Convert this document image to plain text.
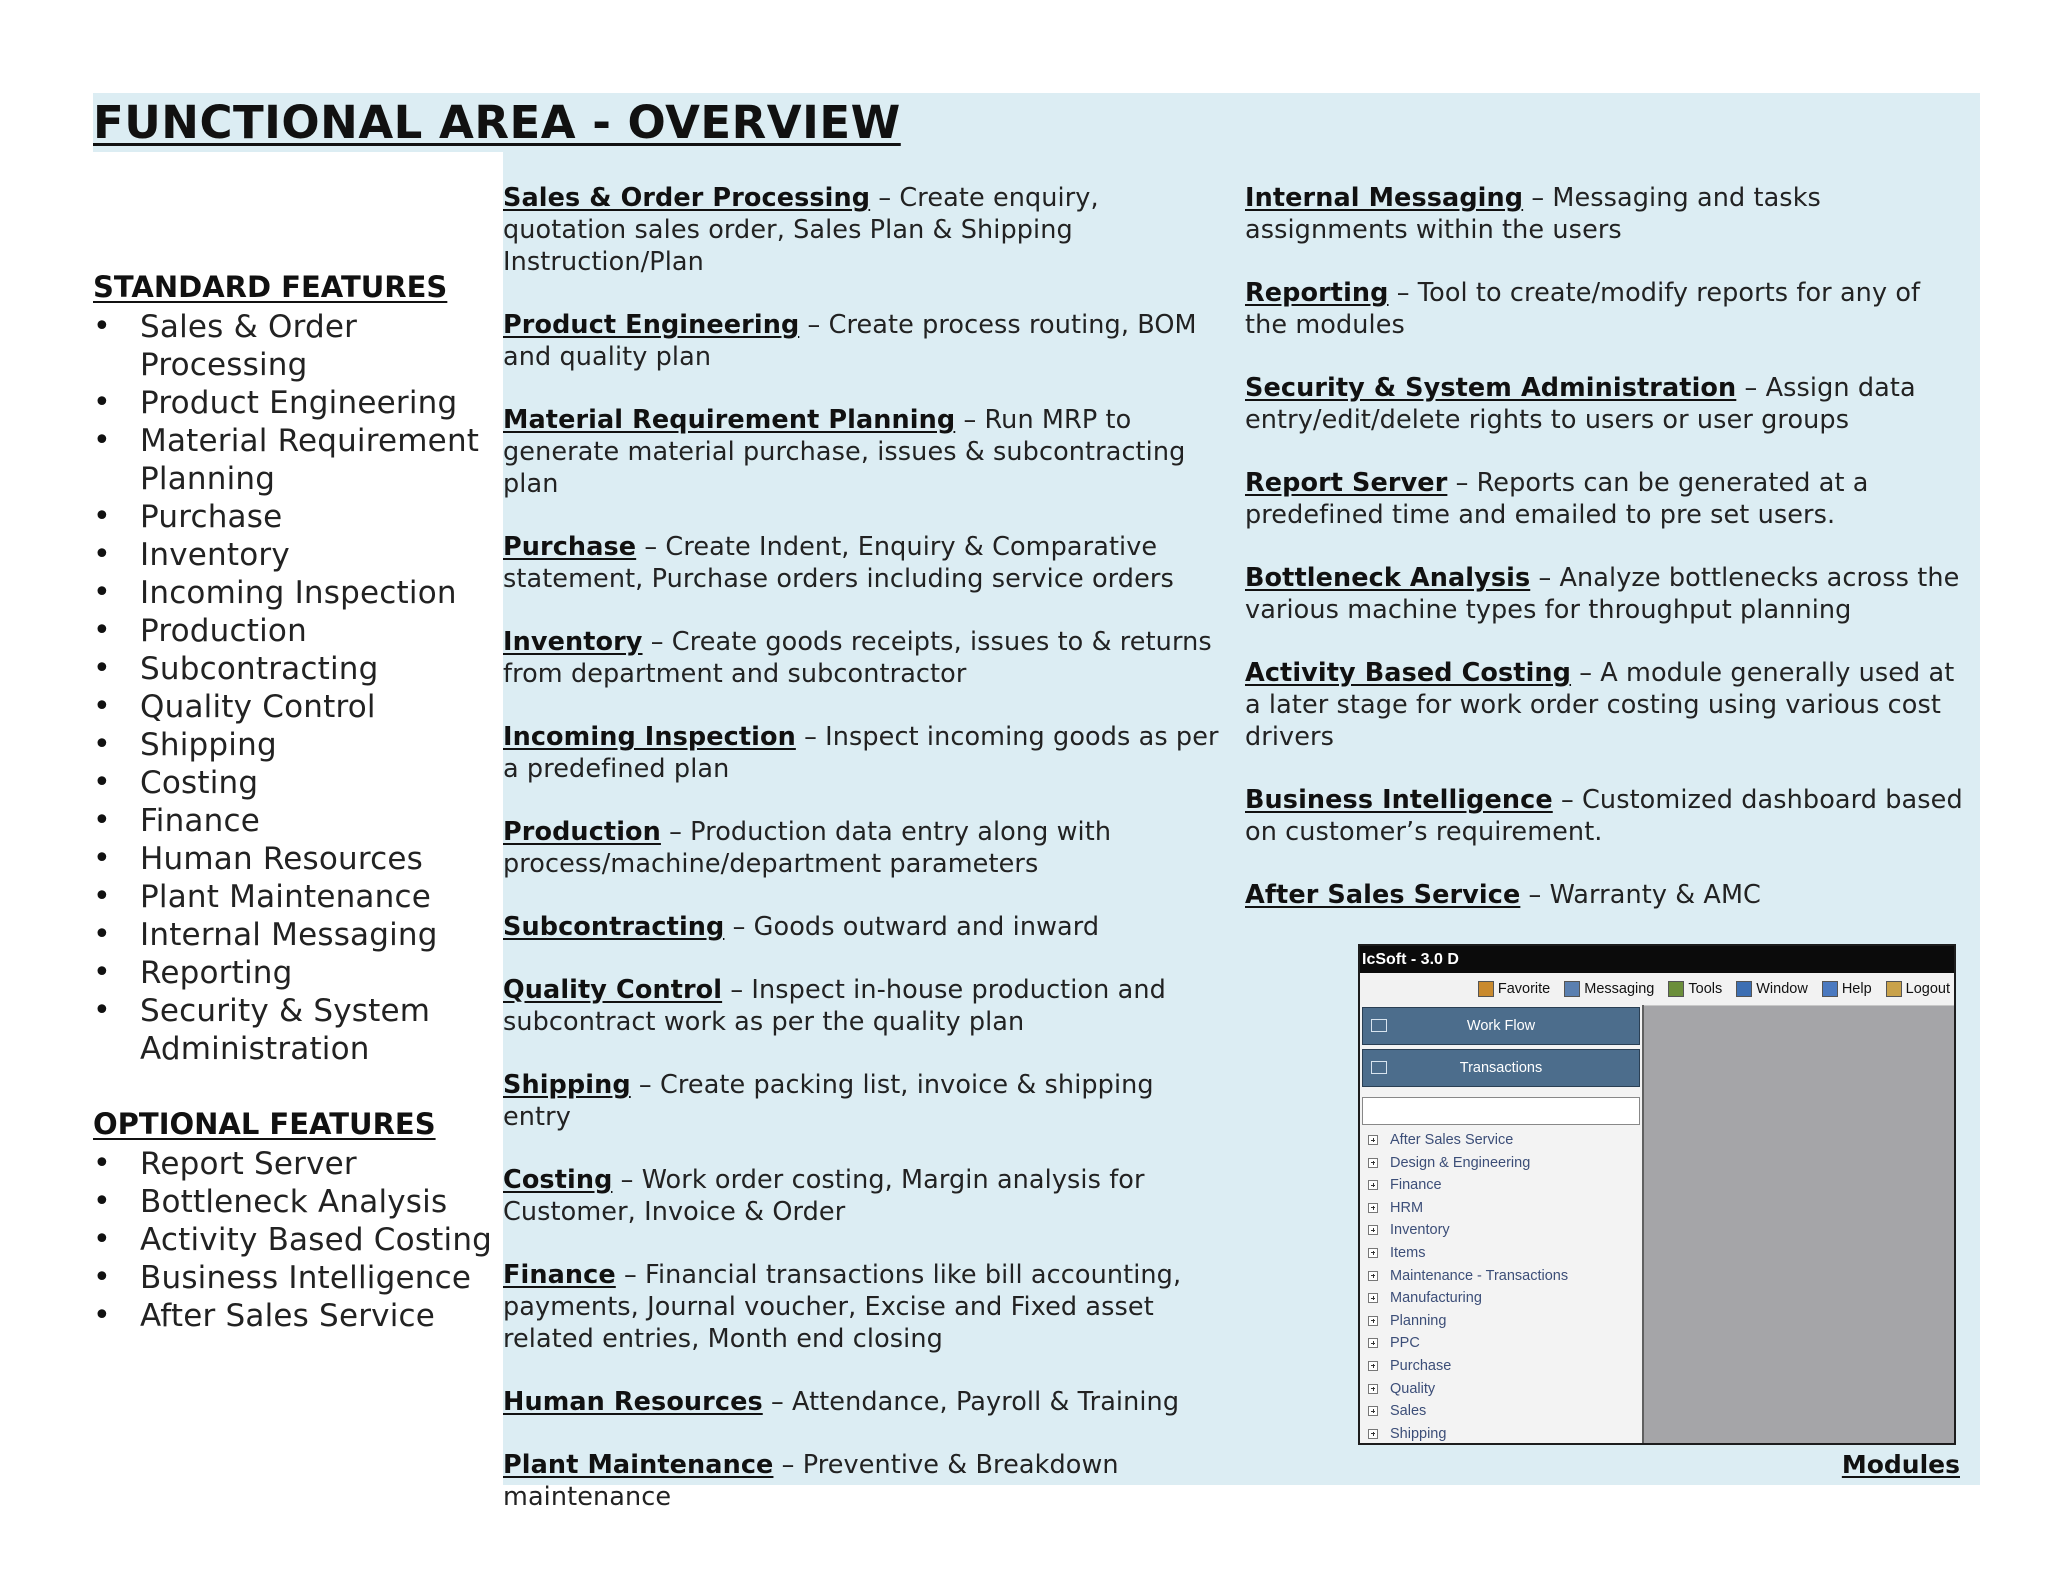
FUNCTIONAL AREA - OVERVIEW
STANDARD FEATURES
• Sales & Order Processing
• Product Engineering
• Material Requirement Planning
• Purchase
• Inventory
• Incoming Inspection
• Production
• Subcontracting
• Quality Control
• Shipping
• Costing
• Finance
• Human Resources
• Plant Maintenance
• Internal Messaging
• Reporting
• Security & System Administration
OPTIONAL FEATURES
• Report Server
• Bottleneck Analysis
• Activity Based Costing
• Business Intelligence
• After Sales Service

Sales & Order Processing – Create enquiry, quotation sales order, Sales Plan & Shipping Instruction/Plan

Product Engineering – Create process routing, BOM and quality plan

Material Requirement Planning – Run MRP to generate material purchase, issues & subcontracting plan

Purchase – Create Indent, Enquiry & Comparative statement, Purchase orders including service orders

Inventory – Create goods receipts, issues to & returns from department and subcontractor

Incoming Inspection – Inspect incoming goods as per a predefined plan

Production – Production data entry along with process/machine/department parameters

Subcontracting – Goods outward and inward

Quality Control – Inspect in-house production and subcontract work as per the quality plan

Shipping – Create packing list, invoice & shipping entry

Costing – Work order costing, Margin analysis for Customer, Invoice & Order

Finance – Financial transactions like bill accounting, payments, Journal voucher, Excise and Fixed asset related entries, Month end closing

Human Resources – Attendance, Payroll & Training

Plant Maintenance – Preventive & Breakdown maintenance

Internal Messaging – Messaging and tasks assignments within the users

Reporting – Tool to create/modify reports for any of the modules

Security & System Administration – Assign data entry/edit/delete rights to users or user groups

Report Server – Reports can be generated at a predefined time and emailed to pre set users.

Bottleneck Analysis – Analyze bottlenecks across the various machine types for throughput planning

Activity Based Costing – A module generally used at a later stage for work order costing using various cost drivers

Business Intelligence – Customized dashboard based on customer’s requirement.

After Sales Service – Warranty & AMC

IcSoft - 3.0 D
Favorite Messaging Tools Window Help Logout
Work Flow
Transactions
After Sales Service
Design & Engineering
Finance
HRM
Inventory
Items
Maintenance - Transactions
Manufacturing
Planning
PPC
Purchase
Quality
Sales
Shipping

Modules
